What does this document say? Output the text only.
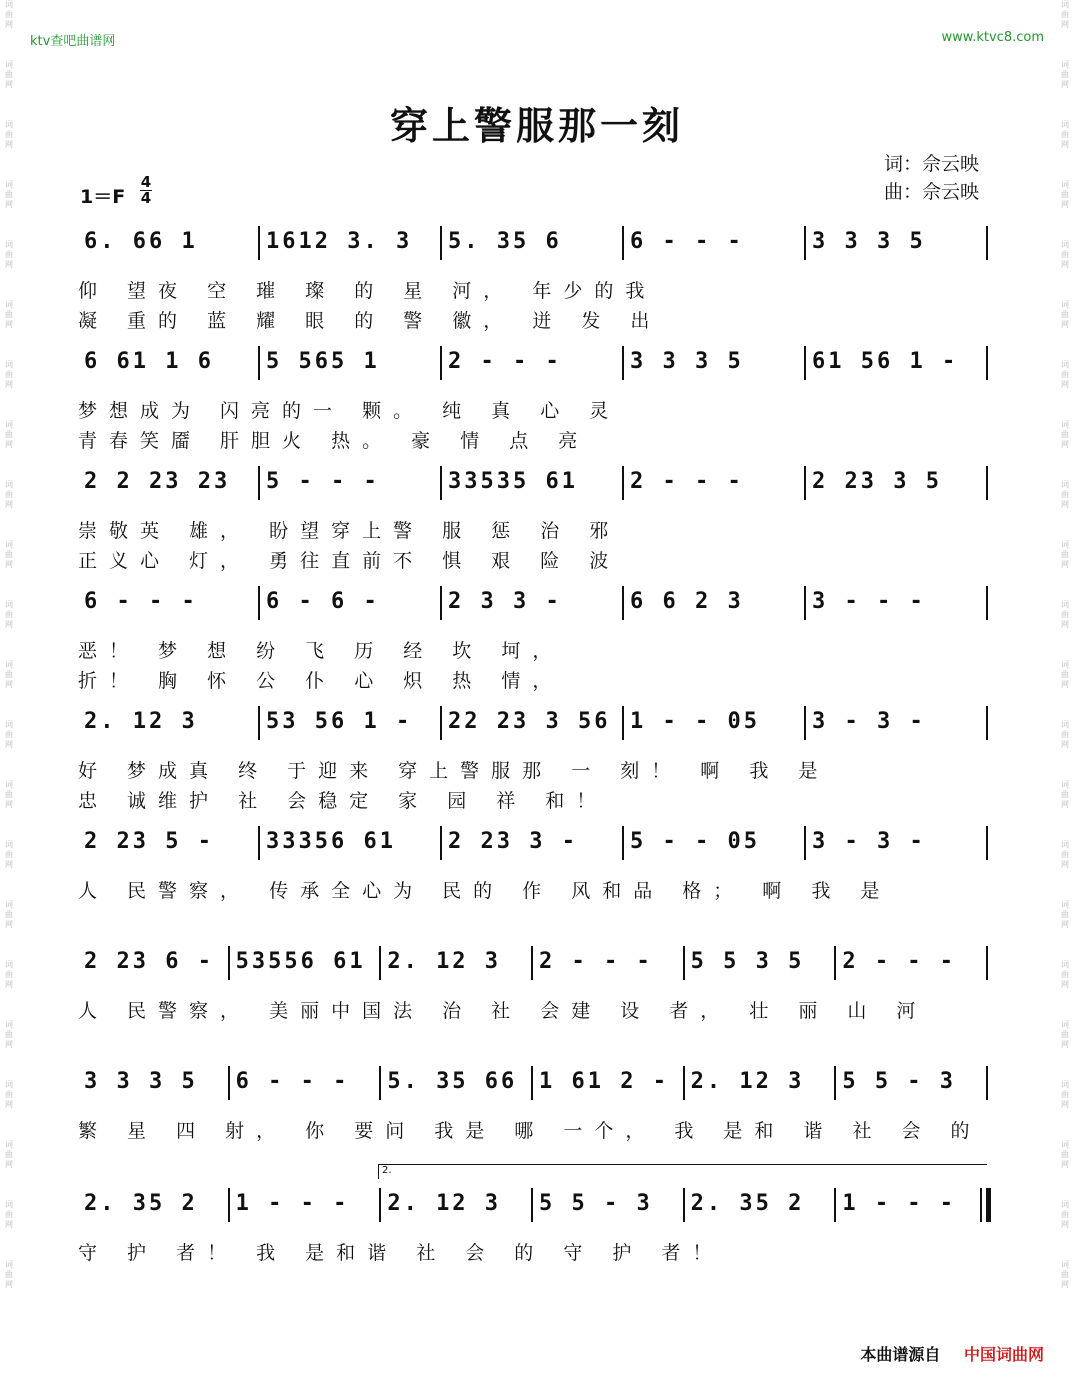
词曲网
词曲网
词曲网
词曲网
词曲网
词曲网
词曲网
词曲网
词曲网
词曲网
词曲网
词曲网
词曲网
词曲网
词曲网
词曲网
词曲网
词曲网
词曲网
词曲网
词曲网
词曲网
词曲网
词曲网
词曲网
词曲网
词曲网
词曲网
词曲网
词曲网
词曲网
词曲网
词曲网
词曲网
词曲网
词曲网
词曲网
词曲网
词曲网
词曲网
词曲网
词曲网
词曲网
词曲网
ktv查吧曲谱网	www.ktvc8.com
穿上警服那一刻
词：佘云映
曲：佘云映
1＝F
4
4
6. 66 1	1612 3. 3	5. 35 6	6 - - -	3 3 3 5
仰 望夜 空 璀 璨 的 星 河， 年少的我
凝 重的 蓝 耀 眼 的 警 徽， 迸 发 出
6 61 1 6	5 565 1	2 - - -	3 3 3 5	61 56 1 -
梦想成为 闪亮的一 颗。 纯 真 心 灵
青春笑靥 肝胆火 热。 豪 情 点 亮
2 2 23 23	5 - - -	33535 61	2 - - -	2 23 3 5
崇敬英 雄， 盼望穿上警 服 惩 治 邪
正义心 灯， 勇往直前不 惧 艰 险 波
6 - - -	6 - 6 -	2 3 3 -	6 6 2 3	3 - - -
恶！ 梦 想 纷 飞 历 经 坎 坷，
折！ 胸 怀 公 仆 心 炽 热 情，
2. 12 3	53 56 1 -	22 23 3 56 1 - - 05	3 - 3 -
好 梦成真 终 于迎来 穿上警服那 一 刻！ 啊 我 是
忠 诚维护 社 会稳定 家 园 祥 和！
2 23 5 -	33356 61	2 23 3 -	5 - - 05	3 - 3 -
人 民警察， 传承全心为 民的 作 风和品 格； 啊 我 是
2 23 6 - 53556 61 2. 12 3	2 - - -	5 5 3 5	2 - - -
人 民警察， 美丽中国法 治 社 会建 设 者， 壮 丽 山 河
3 3 3 5	6 - - -	5. 35 66 1 61 2 - 2. 12 3	5 5 - 3
繁 星 四 射， 你 要问 我是 哪 一个， 我 是和 谐 社 会 的
2.
2. 35 2	1 - - -	2. 12 3	5 5 - 3	2. 35 2	1 - - -
守 护 者！ 我 是和谐 社 会 的 守 护 者！
本曲谱源自 中国词曲网
